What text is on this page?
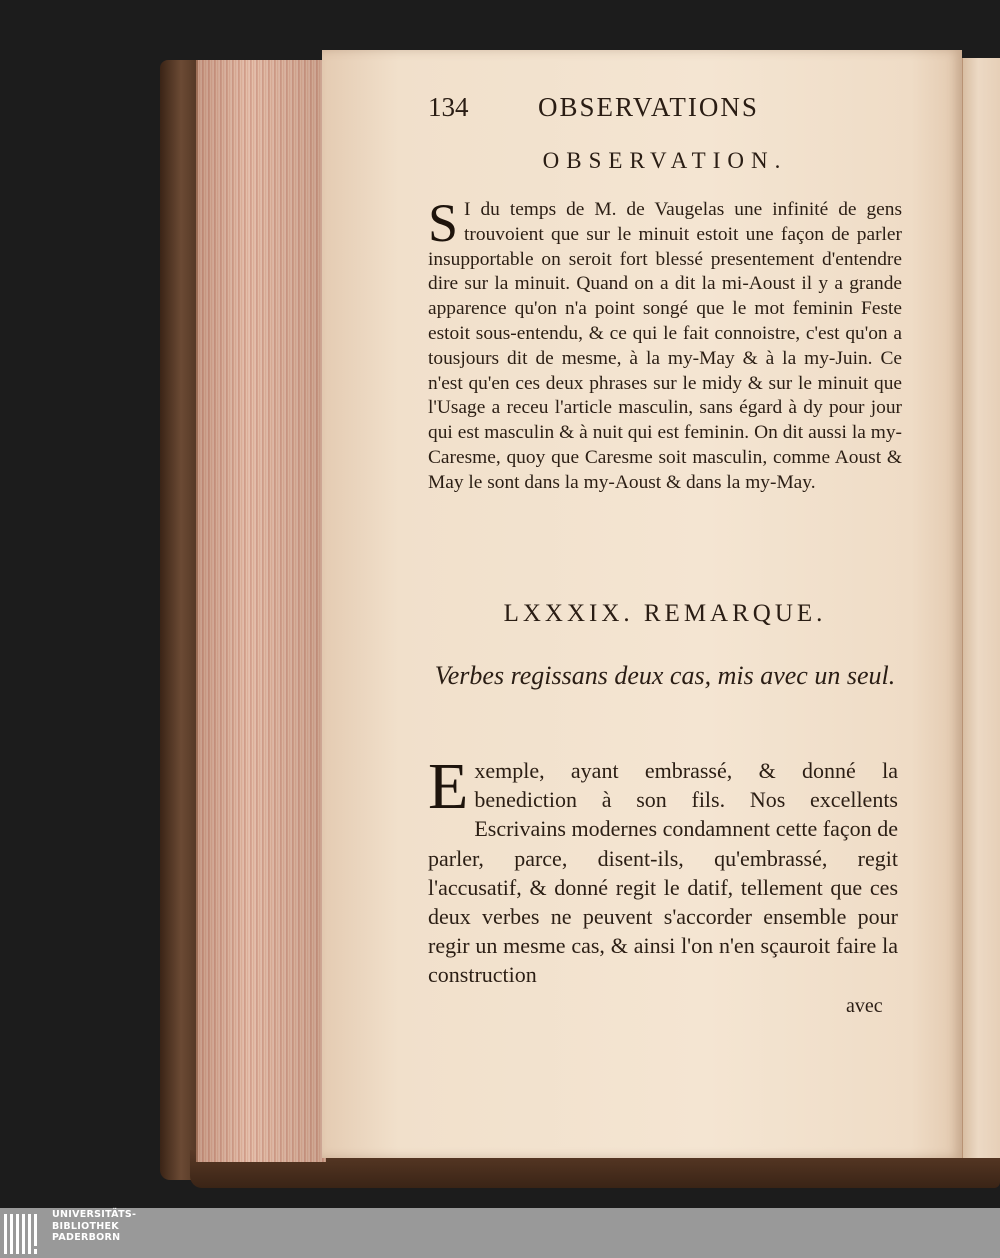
134	OBSERVATIONS
OBSERVATION.
S I du temps de M. de Vaugelas une infinité de gens trouvoient que sur le minuit estoit une façon de parler insupportable on seroit fort blessé presentement d'entendre dire sur la minuit. Quand on a dit la mi-Aoust il y a grande apparence qu'on n'a point songé que le mot feminin Feste estoit sous-entendu, & ce qui le fait connoistre, c'est qu'on a tousjours dit de mesme, à la my-May & à la my-Juin. Ce n'est qu'en ces deux phrases sur le midy & sur le minuit que l'Usage a receu l'article masculin, sans égard à dy pour jour qui est masculin & à nuit qui est feminin. On dit aussi la my-Caresme, quoy que Caresme soit masculin, comme Aoust & May le sont dans la my-Aoust & dans la my-May.
LXXXIX. REMARQUE.
Verbes regissans deux cas, mis avec un seul.
E xemple, ayant embrassé, & donné la benediction à son fils. Nos excellents Escrivains modernes condamnent cette façon de parler, parce, disent-ils, qu'embrassé, regit l'accusatif, & donné regit le datif, tellement que ces deux verbes ne peuvent s'accorder ensemble pour regir un mesme cas, & ainsi l'on n'en sçauroit faire la construction
avec
UNIVERSITÄTS-
BIBLIOTHEK
PADERBORN
